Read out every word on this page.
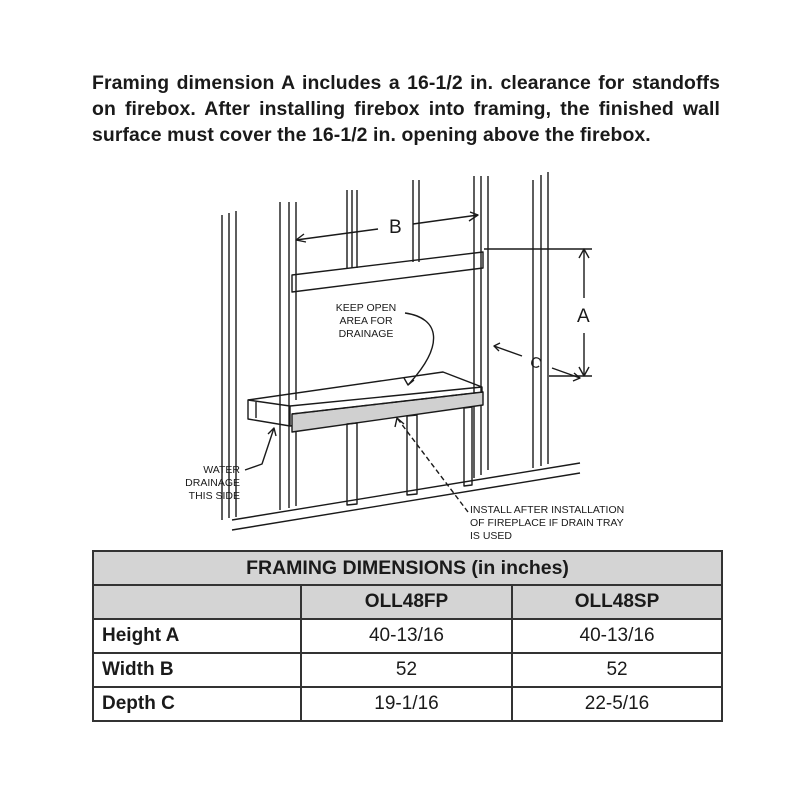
Framing dimension A includes a 16-1/2 in. clearance for standoffs on firebox. After installing firebox into framing, the finished wall surface must cover the 16-1/2 in. opening above the firebox.

B
A
C
KEEP OPEN
AREA FOR
DRAINAGE
WATER
DRAINAGE
THIS SIDE
INSTALL AFTER INSTALLATION
OF FIREPLACE IF DRAIN TRAY
IS USED
FRAMING DIMENSIONS (in inches)		
	OLL48FP	OLL48SP
Height A	40-13/16	40-13/16
Width B	52	52
Depth C	19-1/16	22-5/16
